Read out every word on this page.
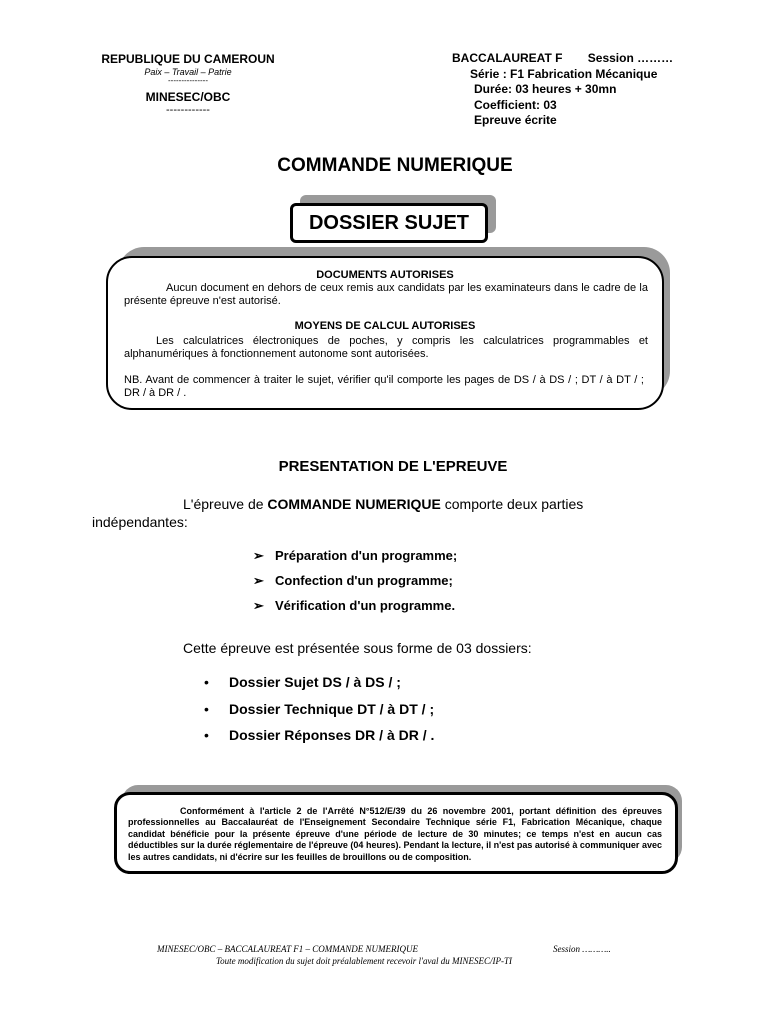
REPUBLIQUE DU CAMEROUN
Paix – Travail – Patrie
---------------
MINESEC/OBC
------------
BACCALAUREAT F Session ………
Série : F1 Fabrication Mécanique
Durée: 03 heures + 30mn
Coefficient: 03
Epreuve écrite
COMMANDE NUMERIQUE
DOSSIER SUJET
DOCUMENTS AUTORISES
Aucun document en dehors de ceux remis aux candidats par les examinateurs dans le cadre de la présente épreuve n'est autorisé.
MOYENS DE CALCUL AUTORISES
Les calculatrices électroniques de poches, y compris les calculatrices programmables et alphanumériques à fonctionnement autonome sont autorisées.
NB. Avant de commencer à traiter le sujet, vérifier qu'il comporte les pages de DS / à DS / ; DT / à DT / ; DR / à DR / .
PRESENTATION DE L'EPREUVE
L'épreuve de COMMANDE NUMERIQUE comporte deux parties
indépendantes:
➢ Préparation d'un programme;
➢ Confection d'un programme;
➢ Vérification d'un programme.
Cette épreuve est présentée sous forme de 03 dossiers:
• Dossier Sujet DS / à DS / ;
• Dossier Technique DT / à DT / ;
• Dossier Réponses DR / à DR / .
Conformément à l'article 2 de l'Arrêté N°512/E/39 du 26 novembre 2001, portant définition des épreuves professionnelles au Baccalauréat de l'Enseignement Secondaire Technique série F1, Fabrication Mécanique, chaque candidat bénéficie pour la présente épreuve d'une période de lecture de 30 minutes; ce temps n'est en aucun cas déductibles sur la durée réglementaire de l'épreuve (04 heures). Pendant la lecture, il n'est pas autorisé à communiquer avec les autres candidats, ni d'écrire sur les feuilles de brouillons ou de composition.
MINESEC/OBC – BACCALAUREAT F1 – COMMANDE NUMERIQUE	Session ………..
Toute modification du sujet doit préalablement recevoir l'aval du MINESEC/IP-TI
